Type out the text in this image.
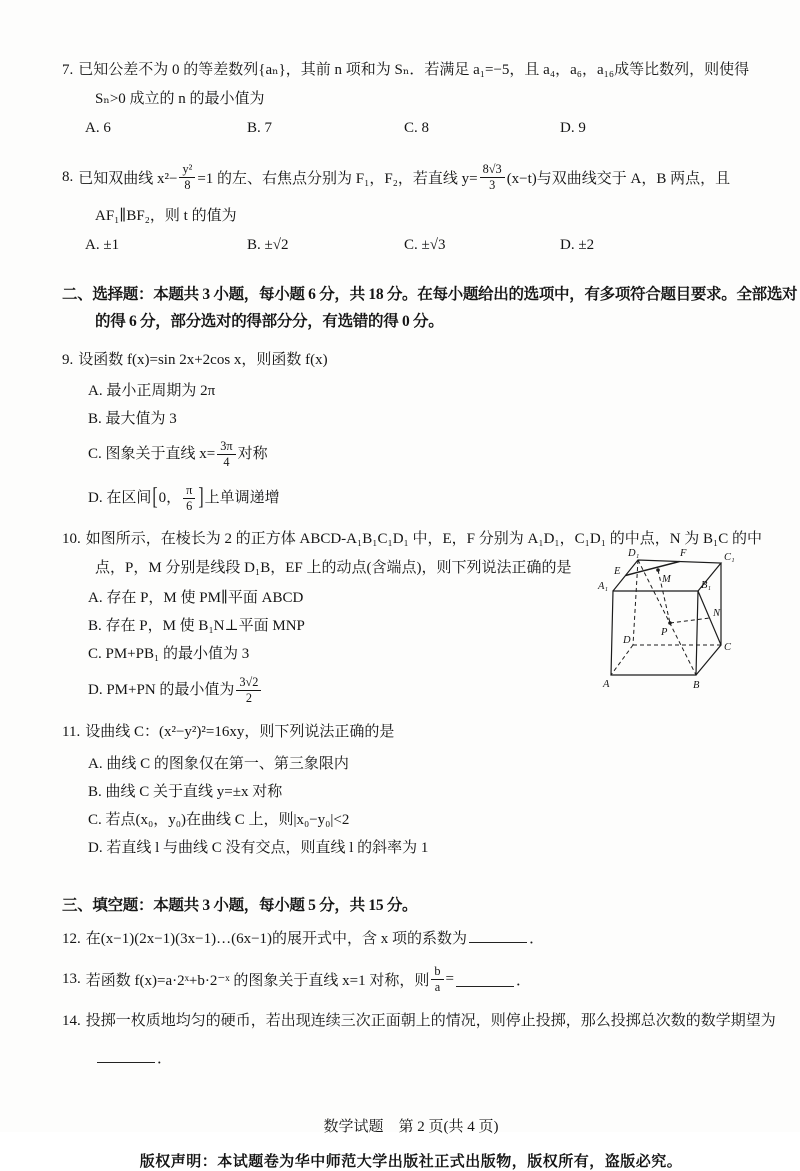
7. 已知公差不为 0 的等差数列{aₙ}，其前 n 项和为 Sₙ．若满足 a₁=−5，且 a₄，a₆，a₁₆成等比数列，则使得
Sₙ>0 成立的 n 的最小值为
A. 6	B. 7	C. 8	D. 9
8. 已知双曲线 $x^2- \frac{\text{y²}}{8} =1$ 的左、右焦点分别为 F₁，F₂，若直线 $y= \frac{8√3}{3} (x-t)$与双曲线交于 A，B 两点，且
AF₁∥BF₂，则 t 的值为
A. ±1	B. ±√2	C. ±√3	D. ±2
二、选择题：本题共 3 小题，每小题 6 分，共 18 分。在每小题给出的选项中，有多项符合题目要求。全部选对
的得 6 分，部分选对的得部分分，有选错的得 0 分。
9. 设函数 f(x)=sin 2x+2cos x，则函数 f(x)
A. 最小正周期为 2π
B. 最大值为 3
C. 图象关于直线 $x= \frac{3\pi}{4}$ 对称
D. 在区间 [ 0， $\frac{\pi}{6}$ ] 上单调递增
10. 如图所示，在棱长为 2 的正方体 ABCD-A₁B₁C₁D₁ 中，E，F 分别为 A₁D₁，C₁D₁ 的中点，N 为 B₁C 的中
点，P，M 分别是线段 D₁B，EF 上的动点(含端点)，则下列说法正确的是
A. 存在 P，M 使 PM∥平面 ABCD
B. 存在 P，M 使 B₁N⊥平面 MNP
C. PM+PB₁ 的最小值为 3
D. PM+PN 的最小值为 $\frac{3√2}{2}$
D₁	F	C₁
E
M
A₁	B₁
N
P
D
C
A	B
11. 设曲线 C：(x²−y²)²=16xy，则下列说法正确的是
A. 曲线 C 的图象仅在第一、第三象限内
B. 曲线 C 关于直线 y=±x 对称
C. 若点(x₀，y₀)在曲线 C 上，则|x₀−y₀|<2
D. 若直线 l 与曲线 C 没有交点，则直线 l 的斜率为 1
三、填空题：本题共 3 小题，每小题 5 分，共 15 分。
12. 在(x−1)(2x−1)(3x−1)…(6x−1)的展开式中，含 x 项的系数为	．
13. 若函数 f(x)=a·2ˣ+b·2⁻ˣ 的图象关于直线 x=1 对称，则 $\frac{b}{a}$ =	．
14. 投掷一枚质地均匀的硬币，若出现连续三次正面朝上的情况，则停止投掷，那么投掷总次数的数学期望为
．
数学试题　第 2 页(共 4 页)
版权声明：本试题卷为华中师范大学出版社正式出版物，版权所有，盗版必究。
